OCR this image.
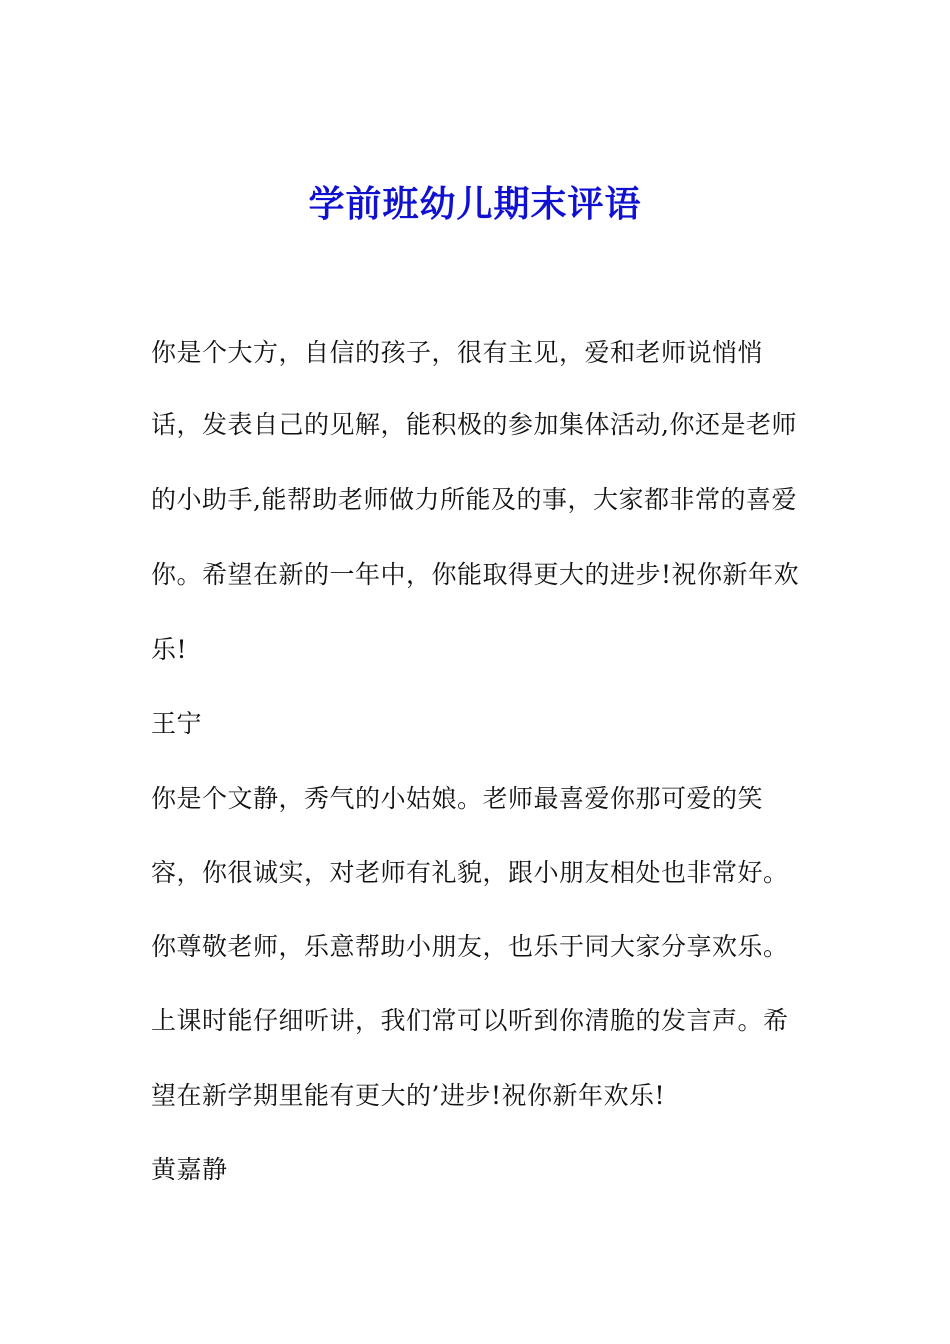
学前班幼儿期末评语
你是个大方，自信的孩子，很有主见，爱和老师说悄悄
话，发表自己的见解，能积极的参加集体活动,你还是老师
的小助手,能帮助老师做力所能及的事，大家都非常的喜爱
你。希望在新的一年中，你能取得更大的进步!祝你新年欢
乐!
王宁
你是个文静，秀气的小姑娘。老师最喜爱你那可爱的笑
容，你很诚实，对老师有礼貌，跟小朋友相处也非常好。
你尊敬老师，乐意帮助小朋友，也乐于同大家分享欢乐。
上课时能仔细听讲，我们常可以听到你清脆的发言声。希
望在新学期里能有更大的’进步!祝你新年欢乐!
黄嘉静
